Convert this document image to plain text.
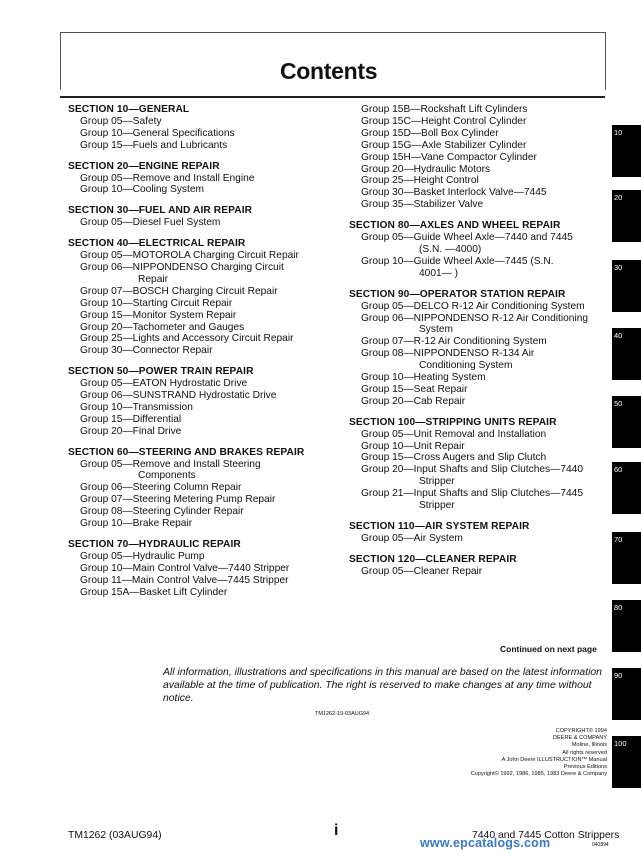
Contents
SECTION 10—GENERAL
Group 05—Safety
Group 10—General Specifications
Group 15—Fuels and Lubricants
SECTION 20—ENGINE REPAIR
Group 05—Remove and Install Engine
Group 10—Cooling System
SECTION 30—FUEL AND AIR REPAIR
Group 05—Diesel Fuel System
SECTION 40—ELECTRICAL REPAIR
Group 05—MOTOROLA Charging Circuit Repair
Group 06—NIPPONDENSO Charging Circuit
Repair
Group 07—BOSCH Charging Circuit Repair
Group 10—Starting Circuit Repair
Group 15—Monitor System Repair
Group 20—Tachometer and Gauges
Group 25—Lights and Accessory Circuit Repair
Group 30—Connector Repair
SECTION 50—POWER TRAIN REPAIR
Group 05—EATON Hydrostatic Drive
Group 06—SUNSTRAND Hydrostatic Drive
Group 10—Transmission
Group 15—Differential
Group 20—Final Drive
SECTION 60—STEERING AND BRAKES REPAIR
Group 05—Remove and Install Steering
Components
Group 06—Steering Column Repair
Group 07—Steering Metering Pump Repair
Group 08—Steering Cylinder Repair
Group 10—Brake Repair
SECTION 70—HYDRAULIC REPAIR
Group 05—Hydraulic Pump
Group 10—Main Control Valve—7440 Stripper
Group 11—Main Control Valve—7445 Stripper
Group 15A—Basket Lift Cylinder
Group 15B—Rockshaft Lift Cylinders
Group 15C—Height Control Cylinder
Group 15D—Boll Box Cylinder
Group 15G—Axle Stabilizer Cylinder
Group 15H—Vane Compactor Cylinder
Group 20—Hydraulic Motors
Group 25—Height Control
Group 30—Basket Interlock Valve—7445
Group 35—Stabilizer Valve
SECTION 80—AXLES AND WHEEL REPAIR
Group 05—Guide Wheel Axle—7440 and 7445
(S.N. —4000)
Group 10—Guide Wheel Axle—7445 (S.N.
4001— )
SECTION 90—OPERATOR STATION REPAIR
Group 05—DELCO R-12 Air Conditioning System
Group 06—NIPPONDENSO R-12 Air Conditioning
System
Group 07—R-12 Air Conditioning System
Group 08—NIPPONDENSO R-134 Air
Conditioning System
Group 10—Heating System
Group 15—Seat Repair
Group 20—Cab Repair
SECTION 100—STRIPPING UNITS REPAIR
Group 05—Unit Removal and Installation
Group 10—Unit Repair
Group 15—Cross Augers and Slip Clutch
Group 20—Input Shafts and Slip Clutches—7440
Stripper
Group 21—Input Shafts and Slip Clutches—7445
Stripper
SECTION 110—AIR SYSTEM REPAIR
Group 05—Air System
SECTION 120—CLEANER REPAIR
Group 05—Cleaner Repair
Continued on next page
All information, illustrations and specifications in this manual are based on the latest information available at the time of publication. The right is reserved to make changes at any time without notice.
TM1262-19-03AUG94
COPYRIGHT© 1994
DEERE & COMPANY
Moline, Illinois
All rights reserved
A John Deere ILLUSTRUCTION™ Manual
Previous Editions
Copyright© 1992, 1986, 1985, 1983 Deere & Company
TM1262 (03AUG94)	i	7440 and 7445 Cotton Strippers
040894
www.epcatalogs.com
10
20
30
40
50
60
70
80
90
100
